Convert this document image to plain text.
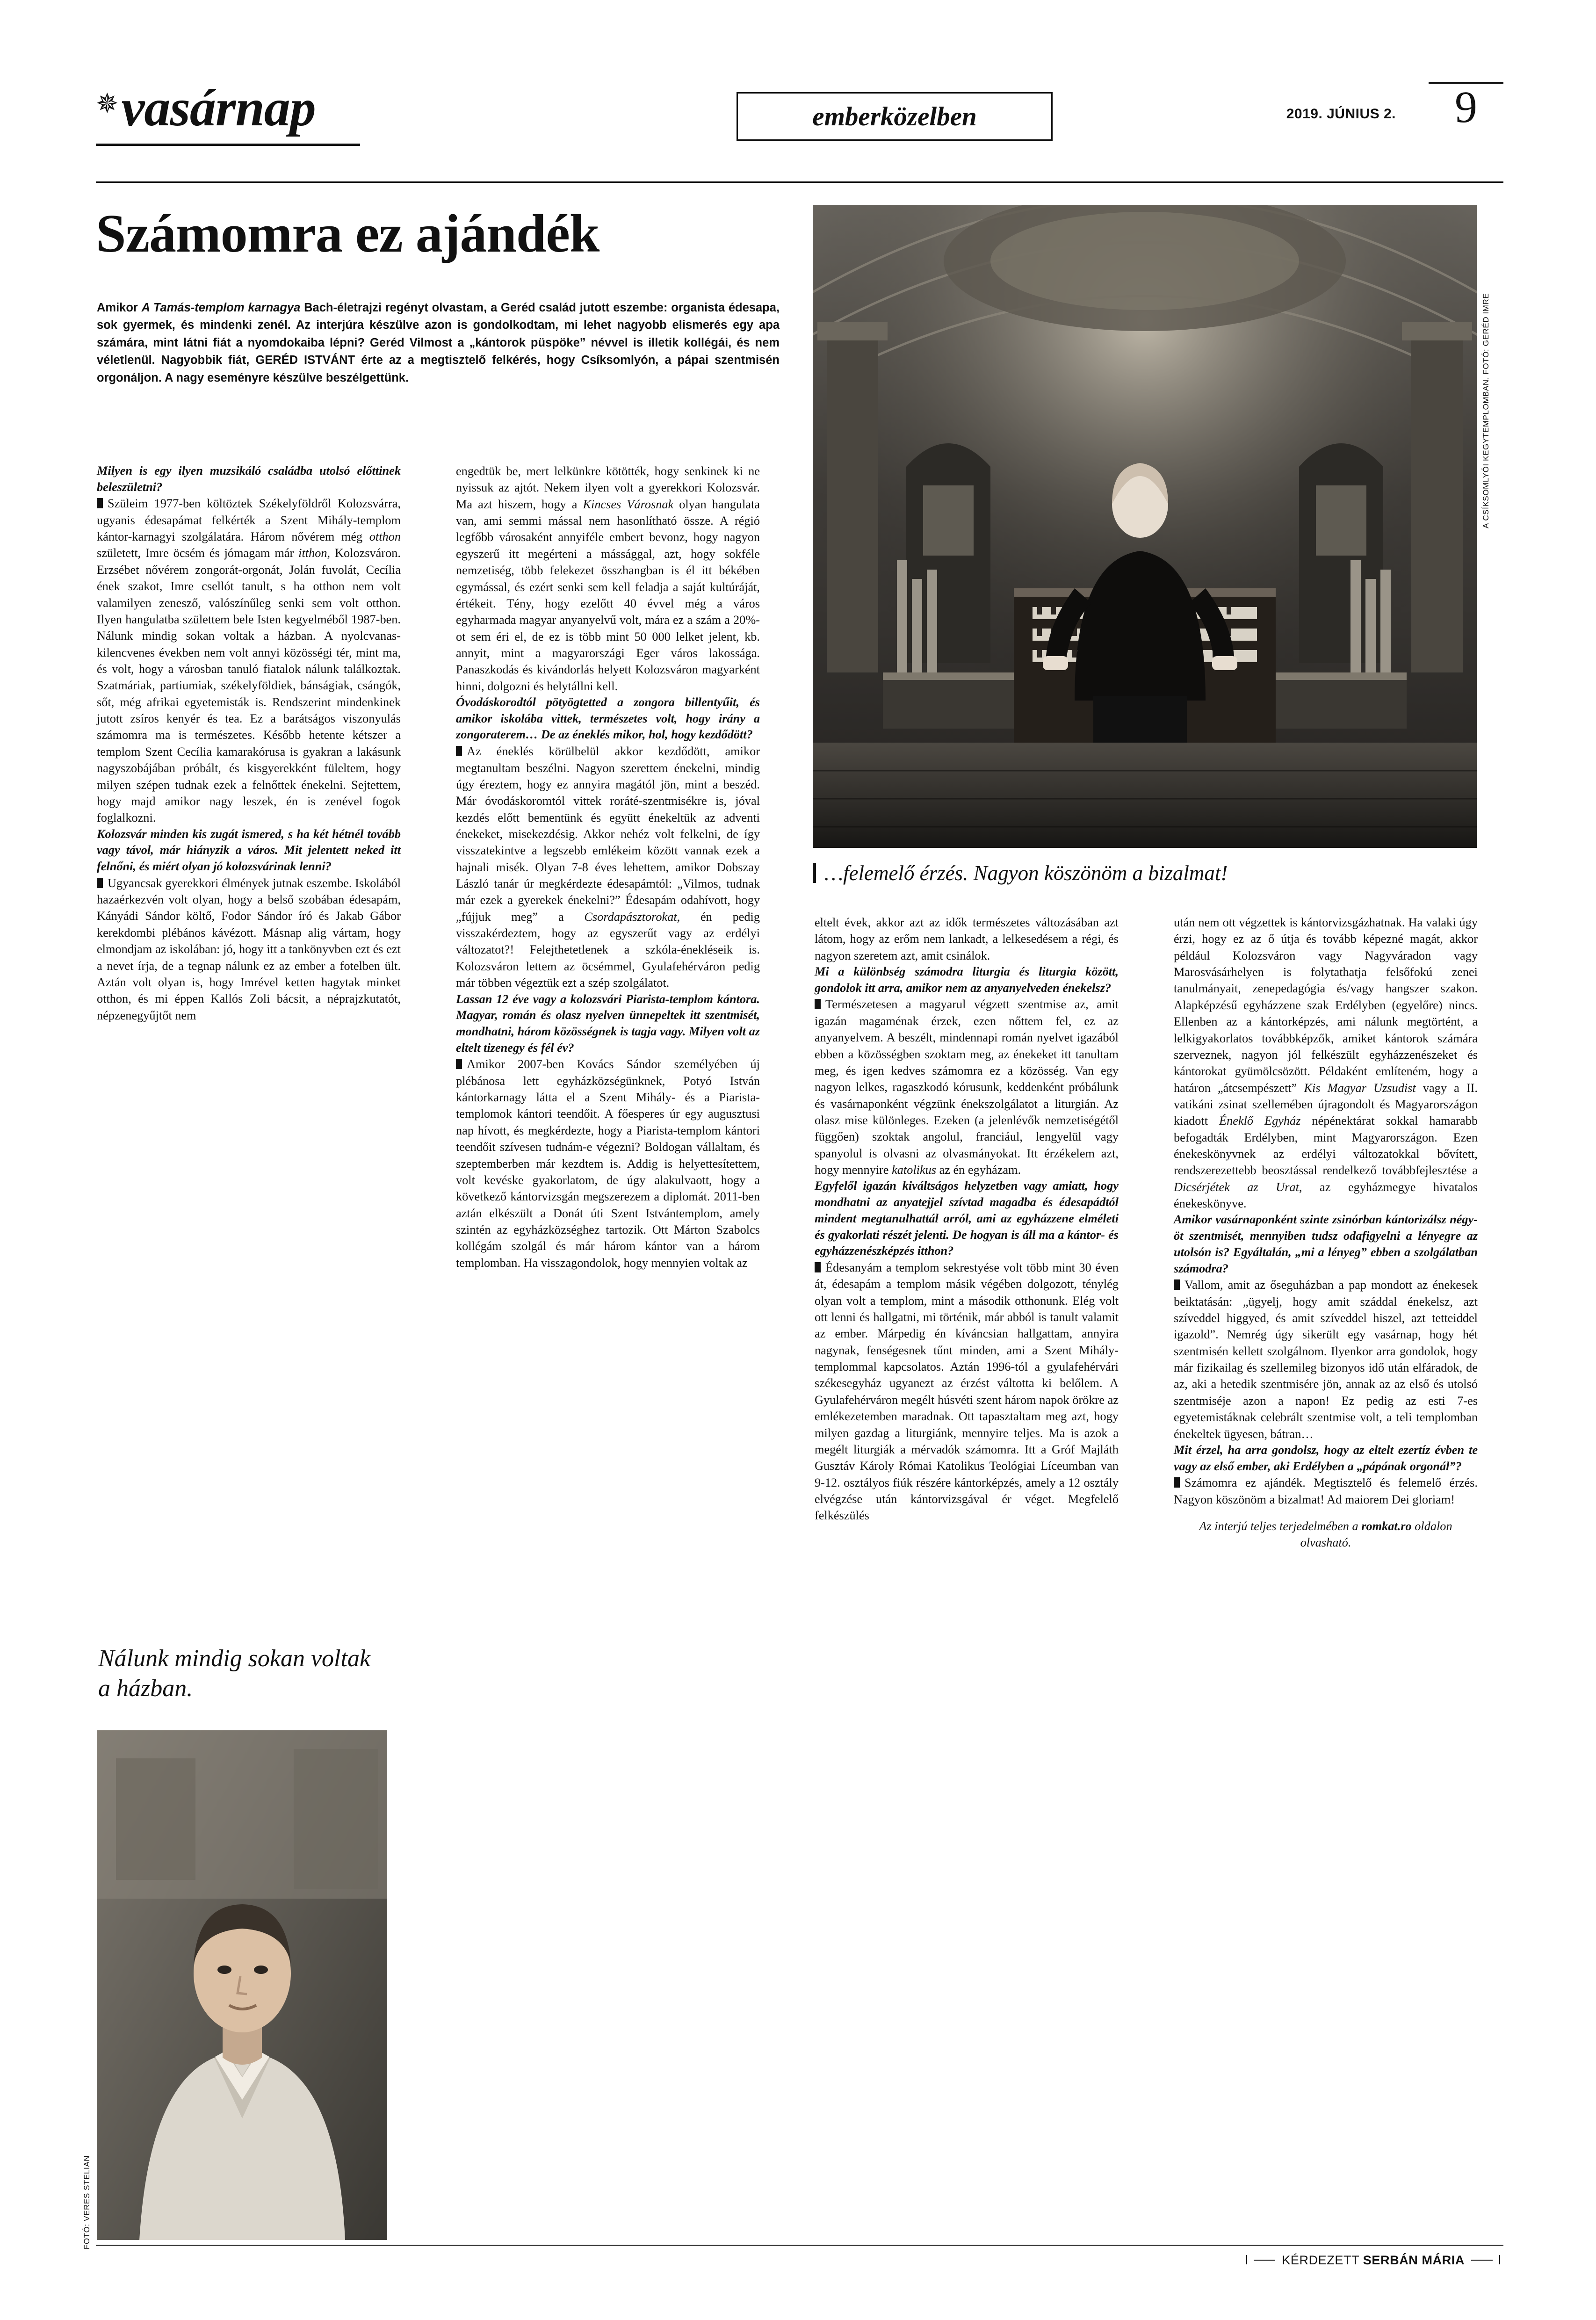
✵ vasárnap	emberközelben	2019. JÚNIUS 2. 9
Számomra ez ajándék
Amikor A Tamás-templom karnagya Bach-életrajzi regényt olvastam, a Geréd család jutott eszembe: organista édesapa, sok gyermek, és mindenki zenél. Az interjúra készülve azon is gondolkodtam, mi lehet nagyobb elismerés egy apa számára, mint látni fiát a nyomdokaiba lépni? Geréd Vilmost a „kántorok püspöke” névvel is illetik kollégái, és nem véletlenül. Nagyobbik fiát, GERÉD ISTVÁNT érte az a megtisztelő felkérés, hogy Csíksomlyón, a pápai szentmisén orgonáljon. A nagy eseményre készülve beszélgettünk.	A CSÍKSOMLYÓI KEGYTEMPLOMBAN. FOTÓ: GERÉD IMRE
…felemelő érzés. Nagyon köszönöm a bizalmat!

Milyen is egy ilyen muzsikáló családba utolsó előttinek beleszületni?

Szüleim 1977-ben költöztek Székelyföldről Kolozsvárra, ugyanis édesapámat felkérték a Szent Mihály-templom kántor-karnagyi szolgálatára. Három nővérem még otthon született, Imre öcsém és jómagam már itthon, Kolozsváron. Erzsébet nővérem zongorát-orgonát, Jolán fuvolát, Cecília ének szakot, Imre csellót tanult, s ha otthon nem volt valamilyen zenesző, valószínűleg senki sem volt otthon. Ilyen hangulatba születtem bele Isten kegyelméből 1987-ben. Nálunk mindig sokan voltak a házban. A nyolcvanas-kilencvenes években nem volt annyi közösségi tér, mint ma, és volt, hogy a városban tanuló fiatalok nálunk találkoztak. Szatmáriak, partiumiak, székelyföldiek, bánságiak, csángók, sőt, még afrikai egyetemisták is. Rendszerint mindenkinek jutott zsíros kenyér és tea. Ez a barátságos viszonyulás számomra ma is természetes. Később hetente kétszer a templom Szent Cecília kamarakórusa is gyakran a lakásunk nagyszobájában próbált, és kisgyerekként füleltem, hogy milyen szépen tudnak ezek a felnőttek énekelni. Sejtettem, hogy majd amikor nagy leszek, én is zenével fogok foglalkozni.

Kolozsvár minden kis zugát ismered, s ha két hétnél tovább vagy távol, már hiányzik a város. Mit jelentett neked itt felnőni, és miért olyan jó kolozsvárinak lenni?

Ugyancsak gyerekkori élmények jutnak eszembe. Iskolából hazaérkezvén volt olyan, hogy a belső szobában édesapám, Kányádi Sándor költő, Fodor Sándor író és Jakab Gábor kerekdombi plébános kávézott. Másnap alig vártam, hogy elmondjam az iskolában: jó, hogy itt a tankönyvben ezt és ezt a nevet írja, de a tegnap nálunk ez az ember a fotelben ült. Aztán volt olyan is, hogy Imrével ketten hagytak minket otthon, és mi éppen Kallós Zoli bácsit, a néprajzkutatót, népzenegyűjtőt nem

Nálunk mindig sokan voltak a házban.
FOTÓ: VERES STELIAN

engedtük be, mert lelkünkre kötötték, hogy senkinek ki ne nyissuk az ajtót. Nekem ilyen volt a gyerekkori Kolozsvár. Ma azt hiszem, hogy a Kincses Városnak olyan hangulata van, ami semmi mással nem hasonlítható össze. A régió legfőbb városaként annyiféle embert bevonz, hogy nagyon egyszerű itt megérteni a mássággal, azt, hogy sokféle nemzetiség, több felekezet összhangban is él itt békében egymással, és ezért senki sem kell feladja a saját kultúráját, értékeit. Tény, hogy ezelőtt 40 évvel még a város egyharmada magyar anyanyelvű volt, mára ez a szám a 20%-ot sem éri el, de ez is több mint 50 000 lelket jelent, kb. annyit, mint a magyarországi Eger város lakossága. Panaszkodás és kivándorlás helyett Kolozsváron magyarként hinni, dolgozni és helytállni kell.

Óvodáskorodtól pötyögtetted a zongora billentyűit, és amikor iskolába vittek, természetes volt, hogy irány a zongoraterem… De az éneklés mikor, hol, hogy kezdődött?

Az éneklés körülbelül akkor kezdődött, amikor megtanultam beszélni. Nagyon szerettem énekelni, mindig úgy éreztem, hogy ez annyira magától jön, mint a beszéd. Már óvodáskoromtól vittek roráté-szentmisékre is, jóval kezdés előtt bementünk és együtt énekeltük az adventi énekeket, misekezdésig. Akkor nehéz volt felkelni, de így visszatekintve a legszebb emlékeim között vannak ezek a hajnali misék. Olyan 7-8 éves lehettem, amikor Dobszay László tanár úr megkérdezte édesapámtól: „Vilmos, tudnak már ezek a gyerekek énekelni?” Édesapám odahívott, hogy „fújjuk meg” a Csordapásztorokat, én pedig visszakérdeztem, hogy az egyszerűt vagy az erdélyi változatot?! Felejthetetlenek a szkóla-énekléseik is. Kolozsváron lettem az öcsémmel, Gyulafehérváron pedig már többen végeztük ezt a szép szolgálatot.

Lassan 12 éve vagy a kolozsvári Piarista-templom kántora. Magyar, román és olasz nyelven ünnepeltek itt szentmisét, mondhatni, három közösségnek is tagja vagy. Milyen volt az eltelt tizenegy és fél év?

Amikor 2007-ben Kovács Sándor személyében új plébánosa lett egyházközségünknek, Potyó István kántorkarnagy látta el a Szent Mihály- és a Piarista-templomok kántori teendőit. A főesperes úr egy augusztusi nap hívott, és megkérdezte, hogy a Piarista-templom kántori teendőit szívesen tudnám-e végezni? Boldogan vállaltam, és szeptemberben már kezdtem is. Addig is helyettesítettem, volt kevéske gyakorlatom, de úgy alakulvaott, hogy a következő kántorvizsgán megszerezem a diplomát. 2011-ben aztán elkészült a Donát úti Szent Istvántemplom, amely szintén az egyházközséghez tartozik. Ott Márton Szabolcs kollégám szolgál és már három kántor van a három templomban. Ha visszagondolok, hogy mennyien voltak az

eltelt évek, akkor azt az idők természetes változásában azt látom, hogy az erőm nem lankadt, a lelkesedésem a régi, és nagyon szeretem azt, amit csinálok.

Mi a különbség számodra liturgia és liturgia között, gondolok itt arra, amikor nem az anyanyelveden énekelsz?

Természetesen a magyarul végzett szentmise az, amit igazán magaménak érzek, ezen nőttem fel, ez az anyanyelvem. A beszélt, mindennapi román nyelvet igazából ebben a közösségben szoktam meg, az énekeket itt tanultam meg, és igen kedves számomra ez a közösség. Van egy nagyon lelkes, ragaszkodó kórusunk, keddenként próbálunk és vasárnaponként végzünk énekszolgálatot a liturgián. Az olasz mise különleges. Ezeken (a jelenlévők nemzetiségétől függően) szoktak angolul, franciául, lengyelül vagy spanyolul is olvasni az olvasmányokat. Itt érzékelem azt, hogy mennyire katolikus az én egyházam.

Egyfelől igazán kiváltságos helyzetben vagy amiatt, hogy mondhatni az anyatejjel szívtad magadba és édesapádtól mindent megtanulhattál arról, ami az egyházzene elméleti és gyakorlati részét jelenti. De hogyan is áll ma a kántor- és egyházzenészképzés itthon?

Édesanyám a templom sekrestyése volt több mint 30 éven át, édesapám a templom másik végében dolgozott, ténylég olyan volt a templom, mint a második otthonunk. Elég volt ott lenni és hallgatni, mi történik, már abból is tanult valamit az ember. Márpedig én kíváncsian hallgattam, annyira nagynak, fenségesnek tűnt minden, ami a Szent Mihály-templommal kapcsolatos. Aztán 1996-tól a gyulafehérvári székesegyház ugyanezt az érzést váltotta ki belőlem. A Gyulafehérváron megélt húsvéti szent három napok örökre az emlékezetemben maradnak. Ott tapasztaltam meg azt, hogy milyen gazdag a liturgiánk, mennyire teljes. Ma is azok a megélt liturgiák a mérvadók számomra. Itt a Gróf Majláth Gusztáv Károly Római Katolikus Teológiai Líceumban van 9-12. osztályos fiúk részére kántorképzés, amely a 12 osztály elvégzése után kántorvizsgával ér véget. Megfelelő felkészülés

után nem ott végzettek is kántorvizsgázhatnak. Ha valaki úgy érzi, hogy ez az ő útja és tovább képezné magát, akkor például Kolozsváron vagy Nagyváradon vagy Marosvásárhelyen is folytathatja felsőfokú zenei tanulmányait, zenepedagógia és/vagy hangszer szakon. Alapképzésű egyházzene szak Erdélyben (egyelőre) nincs. Ellenben az a kántorképzés, ami nálunk megtörtént, a lelkigyakorlatos továbbképzők, amiket kántorok számára szerveznek, nagyon jól felkészült egyházzenészeket és kántorokat gyümölcsözött. Példaként említeném, hogy a határon „átcsempészett” Kis Magyar Uzsudist vagy a II. vatikáni zsinat szellemében újragondolt és Magyarországon kiadott Éneklő Egyház népénektárat sokkal hamarabb befogadták Erdélyben, mint Magyarországon. Ezen énekeskönyvnek az erdélyi változatokkal bővített, rendszerezettebb beosztással rendelkező továbbfejlesztése a Dicsérjétek az Urat, az egyházmegye hivatalos énekeskönyve.

Amikor vasárnaponként szinte zsinórban kántorizálsz négy-öt szentmisét, mennyiben tudsz odafigyelni a lényegre az utolsón is? Egyáltalán, „mi a lényeg” ebben a szolgálatban számodra?

Vallom, amit az őseguházban a pap mondott az énekesek beiktatásán: „ügyelj, hogy amit száddal énekelsz, azt szíveddel higgyed, és amit szíveddel hiszel, azt tetteiddel igazold”. Nemrég úgy sikerült egy vasárnap, hogy hét szentmisén kellett szolgálnom. Ilyenkor arra gondolok, hogy már fizikailag és szellemileg bizonyos idő után elfáradok, de az, aki a hetedik szentmisére jön, annak az az első és utolsó szentmiséje azon a napon! Ez pedig az esti 7-es egyetemistáknak celebrált szentmise volt, a teli templomban énekeltek ügyesen, bátran…

Mit érzel, ha arra gondolsz, hogy az eltelt ezertíz évben te vagy az első ember, aki Erdélyben a „pápának orgonál”?

Számomra ez ajándék. Megtisztelő és felemelő érzés. Nagyon köszönöm a bizalmat! Ad maiorem Dei gloriam!

Az interjú teljes terjedelmében a romkat.ro oldalon olvasható.

KÉRDEZETT SERBÁN MÁRIA
